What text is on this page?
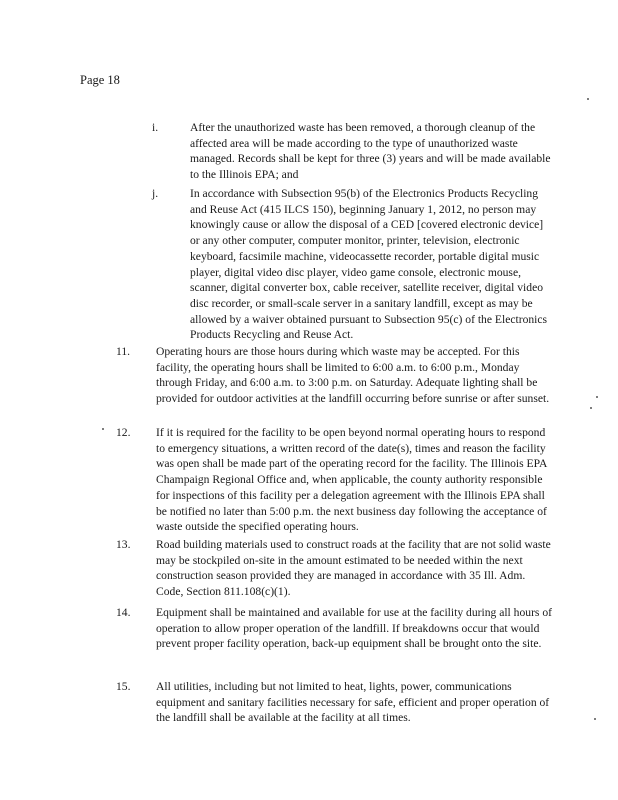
Page 18
i.	After the unauthorized waste has been removed, a thorough cleanup of the affected area will be made according to the type of unauthorized waste managed. Records shall be kept for three (3) years and will be made available to the Illinois EPA; and
j.	In accordance with Subsection 95(b) of the Electronics Products Recycling and Reuse Act (415 ILCS 150), beginning January 1, 2012, no person may knowingly cause or allow the disposal of a CED [covered electronic device] or any other computer, computer monitor, printer, television, electronic keyboard, facsimile machine, videocassette recorder, portable digital music player, digital video disc player, video game console, electronic mouse, scanner, digital converter box, cable receiver, satellite receiver, digital video disc recorder, or small-scale server in a sanitary landfill, except as may be allowed by a waiver obtained pursuant to Subsection 95(c) of the Electronics Products Recycling and Reuse Act.
11. Operating hours are those hours during which waste may be accepted. For this facility, the operating hours shall be limited to 6:00 a.m. to 6:00 p.m., Monday through Friday, and 6:00 a.m. to 3:00 p.m. on Saturday. Adequate lighting shall be provided for outdoor activities at the landfill occurring before sunrise or after sunset.
12. If it is required for the facility to be open beyond normal operating hours to respond to emergency situations, a written record of the date(s), times and reason the facility was open shall be made part of the operating record for the facility. The Illinois EPA Champaign Regional Office and, when applicable, the county authority responsible for inspections of this facility per a delegation agreement with the Illinois EPA shall be notified no later than 5:00 p.m. the next business day following the acceptance of waste outside the specified operating hours.
13. Road building materials used to construct roads at the facility that are not solid waste may be stockpiled on-site in the amount estimated to be needed within the next construction season provided they are managed in accordance with 35 Ill. Adm. Code, Section 811.108(c)(1).
14. Equipment shall be maintained and available for use at the facility during all hours of operation to allow proper operation of the landfill. If breakdowns occur that would prevent proper facility operation, back-up equipment shall be brought onto the site.
15. All utilities, including but not limited to heat, lights, power, communications equipment and sanitary facilities necessary for safe, efficient and proper operation of the landfill shall be available at the facility at all times.
